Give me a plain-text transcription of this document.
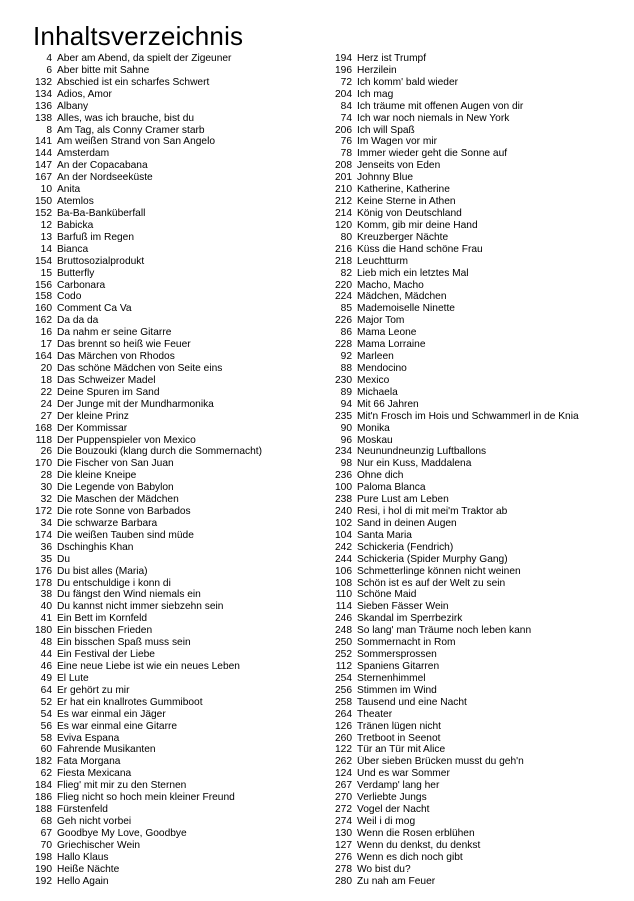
Inhaltsverzeichnis
4 Aber am Abend, da spielt der Zigeuner
6 Aber bitte mit Sahne
132 Abschied ist ein scharfes Schwert
134 Adios, Amor
136 Albany
138 Alles, was ich brauche, bist du
8 Am Tag, als Conny Cramer starb
141 Am weißen Strand von San Angelo
144 Amsterdam
147 An der Copacabana
167 An der Nordseeküste
10 Anita
150 Atemlos
152 Ba-Ba-Banküberfall
12 Babicka
13 Barfuß im Regen
14 Bianca
154 Bruttosozialprodukt
15 Butterfly
156 Carbonara
158 Codo
160 Comment Ca Va
162 Da da da
16 Da nahm er seine Gitarre
17 Das brennt so heiß wie Feuer
164 Das Märchen von Rhodos
20 Das schöne Mädchen von Seite eins
18 Das Schweizer Madel
22 Deine Spuren im Sand
24 Der Junge mit der Mundharmonika
27 Der kleine Prinz
168 Der Kommissar
118 Der Puppenspieler von Mexico
26 Die Bouzouki (klang durch die Sommernacht)
170 Die Fischer von San Juan
28 Die kleine Kneipe
30 Die Legende von Babylon
32 Die Maschen der Mädchen
172 Die rote Sonne von Barbados
34 Die schwarze Barbara
174 Die weißen Tauben sind müde
36 Dschinghis Khan
35 Du
176 Du bist alles (Maria)
178 Du entschuldige i konn di
38 Du fängst den Wind niemals ein
40 Du kannst nicht immer siebzehn sein
41 Ein Bett im Kornfeld
180 Ein bisschen Frieden
48 Ein bisschen Spaß muss sein
44 Ein Festival der Liebe
46 Eine neue Liebe ist wie ein neues Leben
49 El Lute
64 Er gehört zu mir
52 Er hat ein knallrotes Gummiboot
54 Es war einmal ein Jäger
56 Es war einmal eine Gitarre
58 Eviva Espana
60 Fahrende Musikanten
182 Fata Morgana
62 Fiesta Mexicana
184 Flieg' mit mir zu den Sternen
186 Flieg nicht so hoch mein kleiner Freund
188 Fürstenfeld
68 Geh nicht vorbei
67 Goodbye My Love, Goodbye
70 Griechischer Wein
198 Hallo Klaus
190 Heiße Nächte
192 Hello Again
194 Herz ist Trumpf
196 Herzilein
72 Ich komm' bald wieder
204 Ich mag
84 Ich träume mit offenen Augen von dir
74 Ich war noch niemals in New York
206 Ich will Spaß
76 Im Wagen vor mir
78 Immer wieder geht die Sonne auf
208 Jenseits von Eden
201 Johnny Blue
210 Katherine, Katherine
212 Keine Sterne in Athen
214 König von Deutschland
120 Komm, gib mir deine Hand
80 Kreuzberger Nächte
216 Küss die Hand schöne Frau
218 Leuchtturm
82 Lieb mich ein letztes Mal
220 Macho, Macho
224 Mädchen, Mädchen
85 Mademoiselle Ninette
226 Major Tom
86 Mama Leone
228 Mama Lorraine
92 Marleen
88 Mendocino
230 Mexico
89 Michaela
94 Mit 66 Jahren
235 Mit'n Frosch im Hois und Schwammerl in de Knia
90 Monika
96 Moskau
234 Neunundneunzig Luftballons
98 Nur ein Kuss, Maddalena
236 Ohne dich
100 Paloma Blanca
238 Pure Lust am Leben
240 Resi, i hol di mit mei'm Traktor ab
102 Sand in deinen Augen
104 Santa Maria
242 Schickeria (Fendrich)
244 Schickeria (Spider Murphy Gang)
106 Schmetterlinge können nicht weinen
108 Schön ist es auf der Welt zu sein
110 Schöne Maid
114 Sieben Fässer Wein
246 Skandal im Sperrbezirk
248 So lang' man Träume noch leben kann
250 Sommernacht in Rom
252 Sommersprossen
112 Spaniens Gitarren
254 Sternenhimmel
256 Stimmen im Wind
258 Tausend und eine Nacht
264 Theater
126 Tränen lügen nicht
260 Tretboot in Seenot
122 Tür an Tür mit Alice
262 Über sieben Brücken musst du geh'n
124 Und es war Sommer
267 Verdamp' lang her
270 Verliebte Jungs
272 Vogel der Nacht
274 Weil i di mog
130 Wenn die Rosen erblühen
127 Wenn du denkst, du denkst
276 Wenn es dich noch gibt
278 Wo bist du?
280 Zu nah am Feuer
